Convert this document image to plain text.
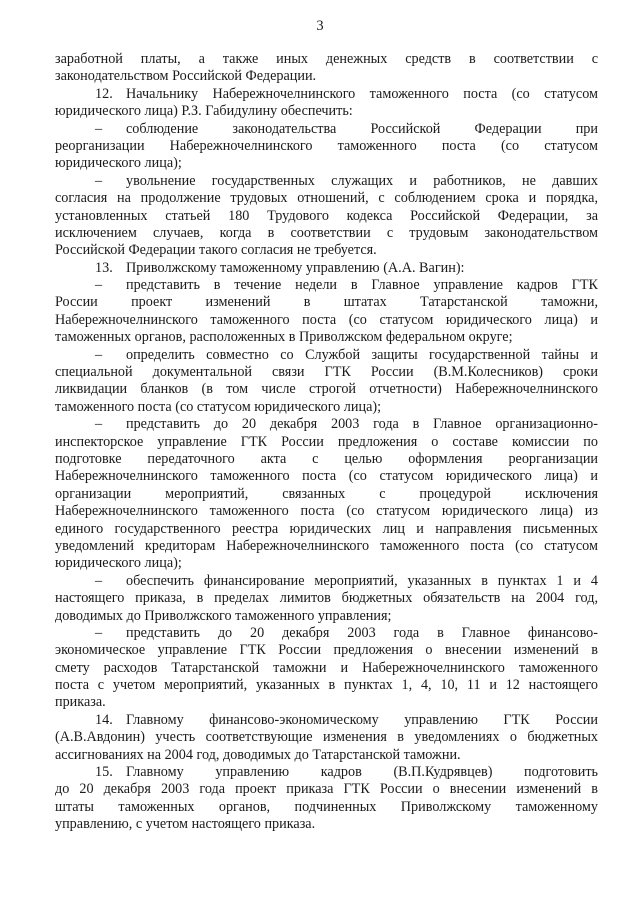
3
заработной платы, а также иных денежных средств в соответствии с
законодательством Российской Федерации.
12. Начальнику Набережночелнинского таможенного поста (со статусом
юридического лица) Р.З. Габидулину обеспечить:
– соблюдение законодательства Российской Федерации при
реорганизации Набережночелнинского таможенного поста (со статусом
юридического лица);
– увольнение государственных служащих и работников, не давших
согласия на продолжение трудовых отношений, с соблюдением срока и порядка,
установленных статьей 180 Трудового кодекса Российской Федерации, за
исключением случаев, когда в соответствии с трудовым законодательством
Российской Федерации такого согласия не требуется.
13. Приволжскому таможенному управлению (А.А. Вагин):
– представить в течение недели в Главное управление кадров ГТК
России проект изменений в штатах Татарстанской таможни,
Набережночелнинского таможенного поста (со статусом юридического лица) и
таможенных органов, расположенных в Приволжском федеральном округе;
– определить совместно со Службой защиты государственной тайны и
специальной документальной связи ГТК России (В.М.Колесников) сроки
ликвидации бланков (в том числе строгой отчетности) Набережночелнинского
таможенного поста (со статусом юридического лица);
– представить до 20 декабря 2003 года в Главное организационно-
инспекторское управление ГТК России предложения о составе комиссии по
подготовке передаточного акта с целью оформления реорганизации
Набережночелнинского таможенного поста (со статусом юридического лица) и
организации мероприятий, связанных с процедурой исключения
Набережночелнинского таможенного поста (со статусом юридического лица) из
единого государственного реестра юридических лиц и направления письменных
уведомлений кредиторам Набережночелнинского таможенного поста (со статусом
юридического лица);
– обеспечить финансирование мероприятий, указанных в пунктах 1 и 4
настоящего приказа, в пределах лимитов бюджетных обязательств на 2004 год,
доводимых до Приволжского таможенного управления;
– представить до 20 декабря 2003 года в Главное финансово-
экономическое управление ГТК России предложения о внесении изменений в
смету расходов Татарстанской таможни и Набережночелнинского таможенного
поста с учетом мероприятий, указанных в пунктах 1, 4, 10, 11 и 12 настоящего
приказа.
14. Главному финансово-экономическому управлению ГТК России
(А.В.Авдонин) учесть соответствующие изменения в уведомлениях о бюджетных
ассигнованиях на 2004 год, доводимых до Татарстанской таможни.
15. Главному управлению кадров (В.П.Кудрявцев) подготовить
до 20 декабря 2003 года проект приказа ГТК России о внесении изменений в
штаты таможенных органов, подчиненных Приволжскому таможенному
управлению, с учетом настоящего приказа.
